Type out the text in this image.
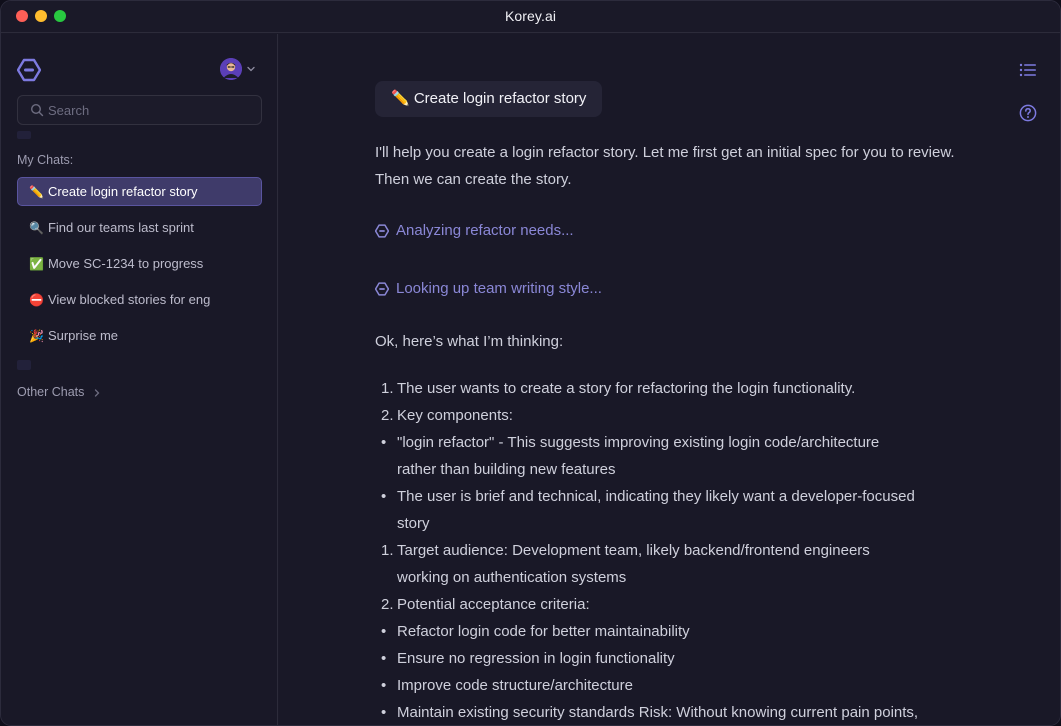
Korey.ai
Search
My Chats:
✏️ Create login refactor story
🔍 Find our teams last sprint
✅ Move SC-1234 to progress
⛔ View blocked stories for eng
🎉 Surprise me
Other Chats
✏️ Create login refactor story
I'll help you create a login refactor story. Let me first get an initial spec for you to review. Then we can create the story.
Analyzing refactor needs...
Looking up team writing style...
Ok, here’s what I’m thinking:
1. The user wants to create a story for refactoring the login functionality.
2. Key components:
• "login refactor" - This suggests improving existing login code/architecture
rather than building new features
• The user is brief and technical, indicating they likely want a developer-focused
story
1. Target audience: Development team, likely backend/frontend engineers
working on authentication systems
2. Potential acceptance criteria:
• Refactor login code for better maintainability
• Ensure no regression in login functionality
• Improve code structure/architecture
• Maintain existing security standards Risk: Without knowing current pain points,
